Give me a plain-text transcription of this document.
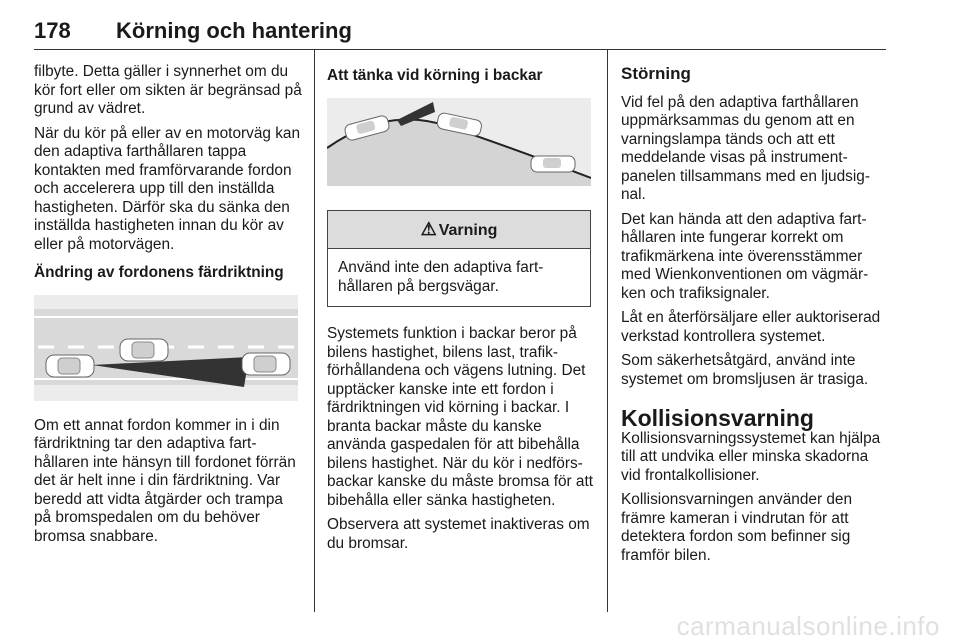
178 Körning och hantering

filbyte. Detta gäller i synnerhet om du kör fort eller om sikten är begränsad på grund av vädret.

När du kör på eller av en motorväg kan den adaptiva farthållaren tappa kontakten med framförvarande fordon och accelerera upp till den inställda hastigheten. Därför ska du sänka den inställda hastigheten innan du kör av eller på motorvägen.

Ändring av fordonens färdriktning

Om ett annat fordon kommer in i din färdriktning tar den adaptiva farthållaren inte hänsyn till fordonet förrän det är helt inne i din färdriktning. Var beredd att vidta åtgärder och trampa på bromspedalen om du behöver bromsa snabbare.

Att tänka vid körning i backar
⚠ Varning
Använd inte den adaptiva farthållaren på bergsvägar.

Systemets funktion i backar beror på bilens hastighet, bilens last, trafikförhållandena och vägens lutning. Det upptäcker kanske inte ett fordon i färdriktningen vid körning i backar. I branta backar måste du kanske använda gaspedalen för att bibehålla bilens hastighet. När du kör i nedförsbackar kanske du måste bromsa för att bibehålla eller sänka hastigheten.

Observera att systemet inaktiveras om du bromsar.

Störning

Vid fel på den adaptiva farthållaren uppmärksammas du genom att en varningslampa tänds och att ett meddelande visas på instrumentpanelen tillsammans med en ljudsignal.

Det kan hända att den adaptiva farthållaren inte fungerar korrekt om trafikmärkena inte överensstämmer med Wienkonventionen om vägmärken och trafiksignaler.

Låt en återförsäljare eller auktoriserad verkstad kontrollera systemet.

Som säkerhetsåtgärd, använd inte systemet om bromsljusen är trasiga.

Kollisionsvarning

Kollisionsvarningssystemet kan hjälpa till att undvika eller minska skadorna vid frontalkollisioner.

Kollisionsvarningen använder den främre kameran i vindrutan för att detektera fordon som befinner sig framför bilen.

carmanualsonline.info
